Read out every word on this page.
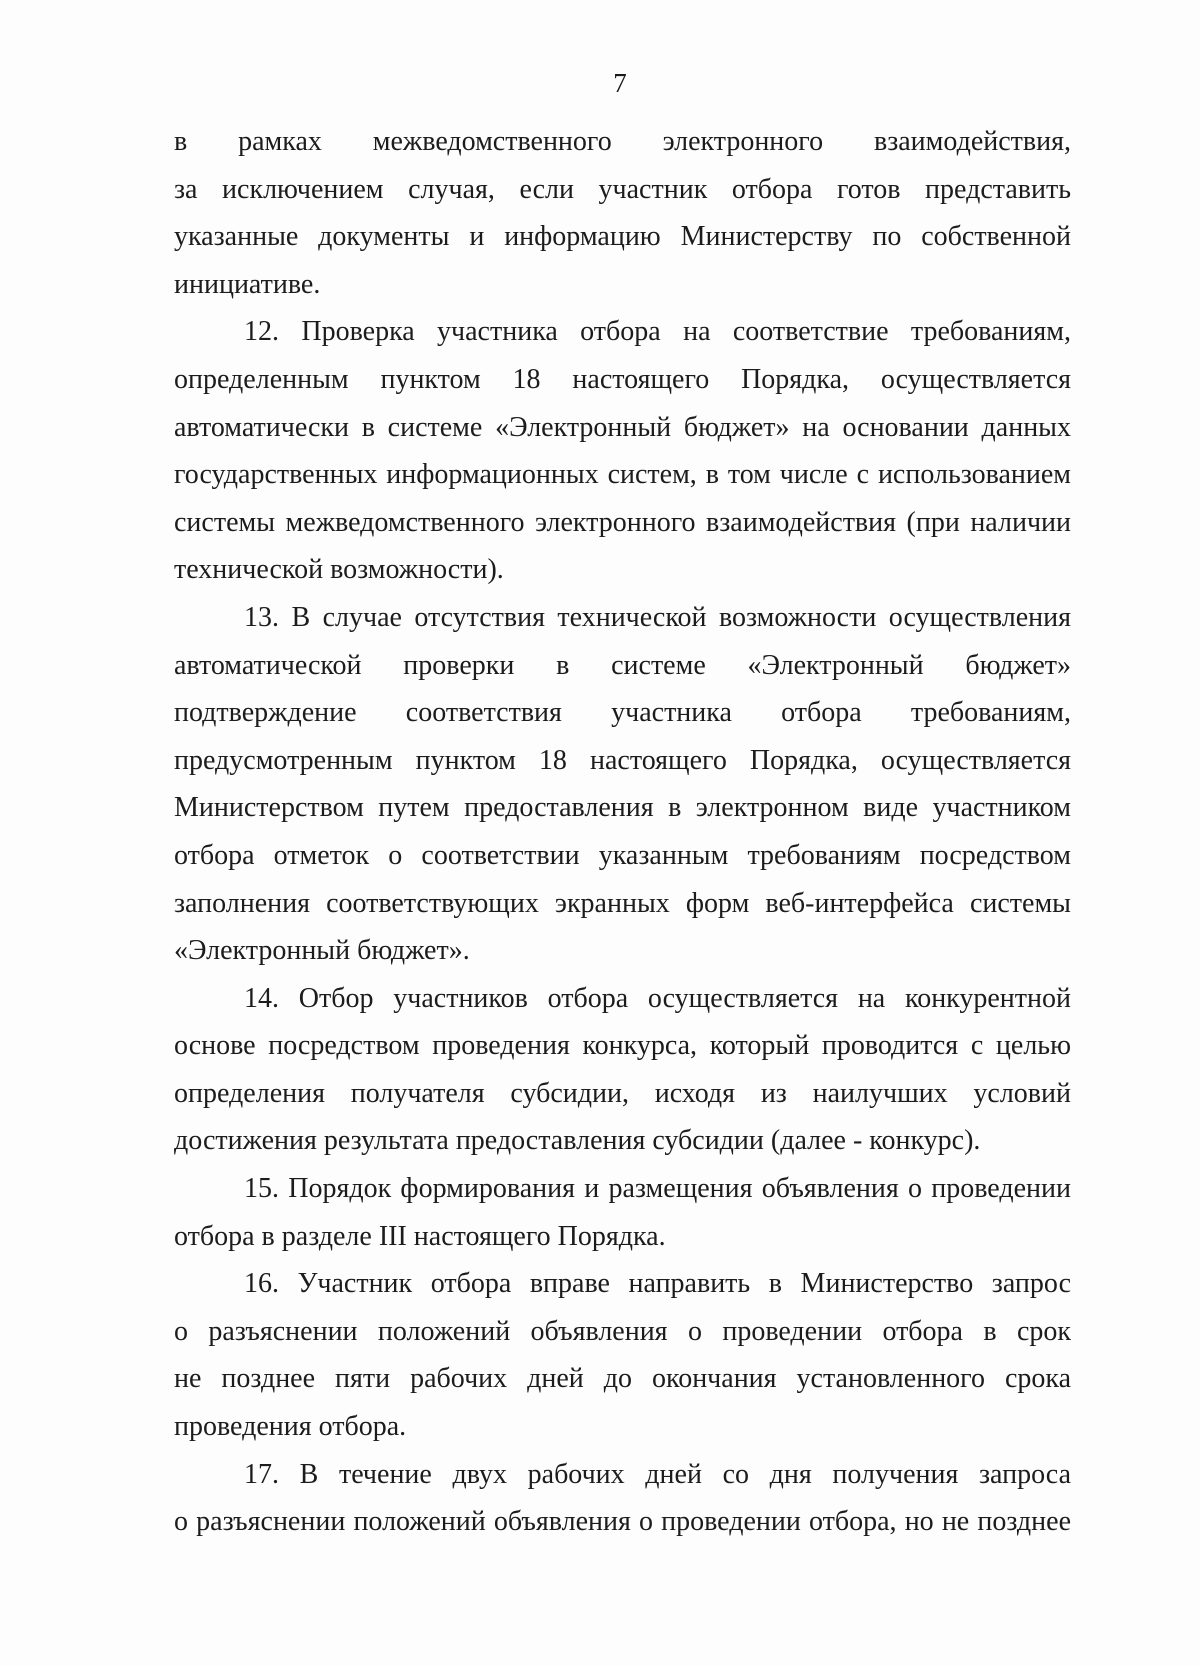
7
в рамках межведомственного электронного взаимодействия,
за исключением случая, если участник отбора готов представить
указанные документы и информацию Министерству по собственной
инициативе.
12. Проверка участника отбора на соответствие требованиям,
определенным пунктом 18 настоящего Порядка, осуществляется
автоматически в системе «Электронный бюджет» на основании данных
государственных информационных систем, в том числе с использованием
системы межведомственного электронного взаимодействия (при наличии
технической возможности).
13. В случае отсутствия технической возможности осуществления
автоматической проверки в системе «Электронный бюджет»
подтверждение соответствия участника отбора требованиям,
предусмотренным пунктом 18 настоящего Порядка, осуществляется
Министерством путем предоставления в электронном виде участником
отбора отметок о соответствии указанным требованиям посредством
заполнения соответствующих экранных форм веб-интерфейса системы
«Электронный бюджет».
14. Отбор участников отбора осуществляется на конкурентной
основе посредством проведения конкурса, который проводится с целью
определения получателя субсидии, исходя из наилучших условий
достижения результата предоставления субсидии (далее - конкурс).
15. Порядок формирования и размещения объявления о проведении
отбора в разделе III настоящего Порядка.
16. Участник отбора вправе направить в Министерство запрос
о разъяснении положений объявления о проведении отбора в срок
не позднее пяти рабочих дней до окончания установленного срока
проведения отбора.
17. В течение двух рабочих дней со дня получения запроса
о разъяснении положений объявления о проведении отбора, но не позднее
